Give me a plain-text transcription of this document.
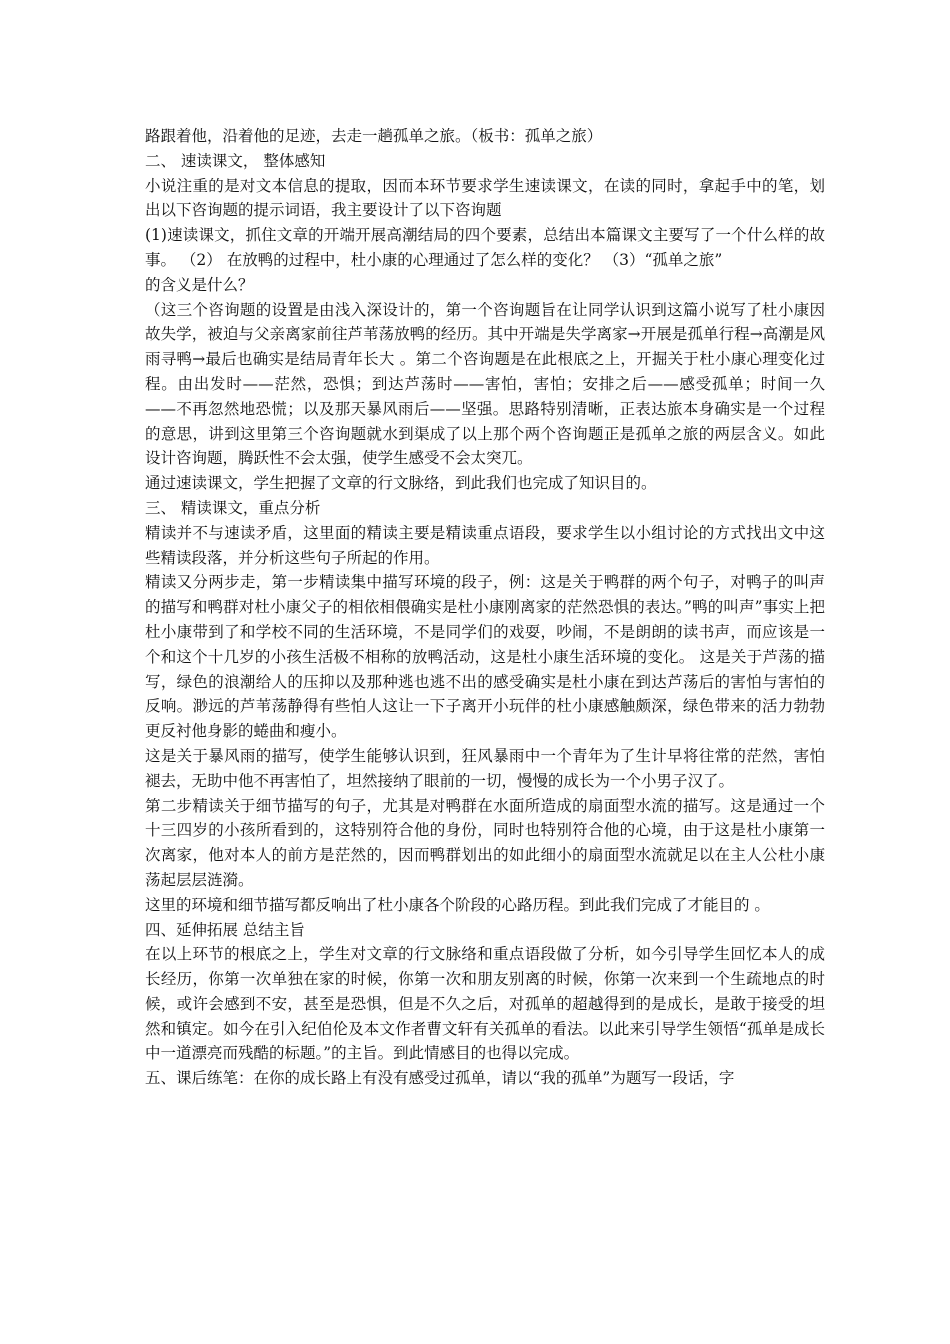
路跟着他，沿着他的足迹，去走一趟孤单之旅。（板书：孤单之旅）

二、 速读课文， 整体感知

小说注重的是对文本信息的提取，因而本环节要求学生速读课文，在读的同时，拿起手中的笔，划出以下咨询题的提示词语，我主要设计了以下咨询题

(1)速读课文，抓住文章的开端开展高潮结局的四个要素，总结出本篇课文主要写了一个什么样的故事。 （2） 在放鸭的过程中，杜小康的心理通过了怎么样的变化？ （3）“孤单之旅”

的含义是什么？

（这三个咨询题的设置是由浅入深设计的，第一个咨询题旨在让同学认识到这篇小说写了杜小康因故失学，被迫与父亲离家前往芦苇荡放鸭的经历。其中开端是失学离家→开展是孤单行程→高潮是风雨寻鸭→最后也确实是结局青年长大 。第二个咨询题是在此根底之上，开掘关于杜小康心理变化过程。由出发时——茫然，恐惧；到达芦荡时——害怕，害怕；安排之后——感受孤单；时间一久——不再忽然地恐慌；以及那天暴风雨后——坚强。思路特别清晰，正表达旅本身确实是一个过程的意思，讲到这里第三个咨询题就水到渠成了以上那个两个咨询题正是孤单之旅的两层含义。如此设计咨询题，腾跃性不会太强，使学生感受不会太突兀。

通过速读课文，学生把握了文章的行文脉络，到此我们也完成了知识目的。

三、 精读课文，重点分析

精读并不与速读矛盾，这里面的精读主要是精读重点语段，要求学生以小组讨论的方式找出文中这些精读段落，并分析这些句子所起的作用。

精读又分两步走，第一步精读集中描写环境的段子，例：这是关于鸭群的两个句子，对鸭子的叫声的描写和鸭群对杜小康父子的相依相偎确实是杜小康刚离家的茫然恐惧的表达。”鸭的叫声”事实上把杜小康带到了和学校不同的生活环境，不是同学们的戏耍，吵闹，不是朗朗的读书声，而应该是一个和这个十几岁的小孩生活极不相称的放鸭活动，这是杜小康生活环境的变化。 这是关于芦荡的描写，绿色的浪潮给人的压抑以及那种逃也逃不出的感受确实是杜小康在到达芦荡后的害怕与害怕的反响。渺远的芦苇荡静得有些怕人这让一下子离开小玩伴的杜小康感触颇深，绿色带来的活力勃勃更反衬他身影的蜷曲和瘦小。

这是关于暴风雨的描写，使学生能够认识到，狂风暴雨中一个青年为了生计早将往常的茫然，害怕褪去，无助中他不再害怕了，坦然接纳了眼前的一切，慢慢的成长为一个小男子汉了。

第二步精读关于细节描写的句子，尤其是对鸭群在水面所造成的扇面型水流的描写。这是通过一个十三四岁的小孩所看到的，这特别符合他的身份，同时也特别符合他的心境，由于这是杜小康第一次离家，他对本人的前方是茫然的，因而鸭群划出的如此细小的扇面型水流就足以在主人公杜小康荡起层层涟漪。

这里的环境和细节描写都反响出了杜小康各个阶段的心路历程。到此我们完成了才能目的 。

四、延伸拓展 总结主旨

在以上环节的根底之上，学生对文章的行文脉络和重点语段做了分析，如今引导学生回忆本人的成长经历，你第一次单独在家的时候，你第一次和朋友别离的时候，你第一次来到一个生疏地点的时候，或许会感到不安，甚至是恐惧，但是不久之后，对孤单的超越得到的是成长，是敢于接受的坦然和镇定。如今在引入纪伯伦及本文作者曹文轩有关孤单的看法。以此来引导学生领悟“孤单是成长中一道漂亮而残酷的标题。”的主旨。到此情感目的也得以完成。

五、课后练笔：在你的成长路上有没有感受过孤单，请以“我的孤单”为题写一段话，字
